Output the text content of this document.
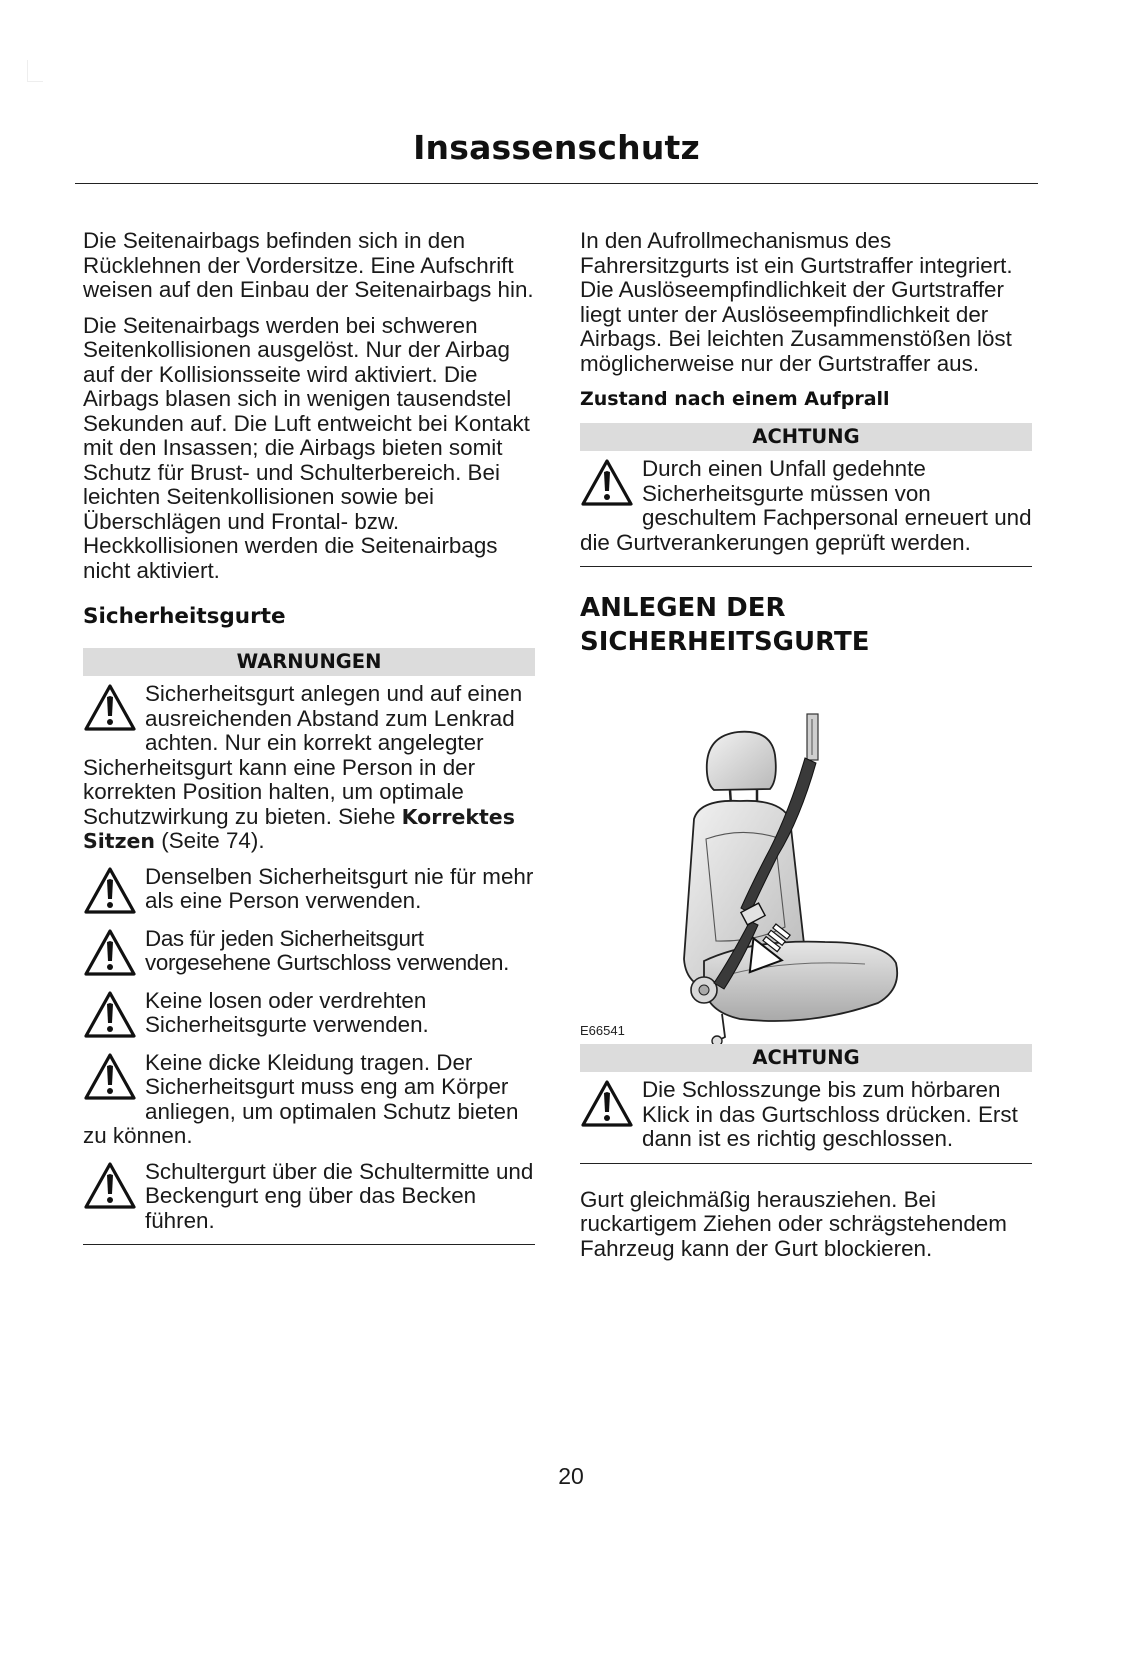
Insassenschutz

Die Seitenairbags befinden sich in den Rücklehnen der Vordersitze. Eine Aufschrift weisen auf den Einbau der Seitenairbags hin.

Die Seitenairbags werden bei schweren Seitenkollisionen ausgelöst. Nur der Airbag auf der Kollisionsseite wird aktiviert. Die Airbags blasen sich in wenigen tausendstel Sekunden auf. Die Luft entweicht bei Kontakt mit den Insassen; die Airbags bieten somit Schutz für Brust- und Schulterbereich. Bei leichten Seitenkollisionen sowie bei Überschlägen und Frontal- bzw. Heckkollisionen werden die Seitenairbags nicht aktiviert.

Sicherheitsgurte
WARNUNGEN

Sicherheitsgurt anlegen und auf einen ausreichenden Abstand zum Lenkrad achten. Nur ein korrekt angelegter Sicherheitsgurt kann eine Person in der korrekten Position halten, um optimale Schutzwirkung zu bieten. Siehe Korrektes Sitzen (Seite 74).

Denselben Sicherheitsgurt nie für mehr als eine Person verwenden.

Das für jeden Sicherheitsgurt vorgesehene Gurtschloss verwenden.

Keine losen oder verdrehten Sicherheitsgurte verwenden.

Keine dicke Kleidung tragen. Der Sicherheitsgurt muss eng am Körper anliegen, um optimalen Schutz bieten zu können.

Schultergurt über die Schultermitte und Beckengurt eng über das Becken führen.

In den Aufrollmechanismus des Fahrersitzgurts ist ein Gurtstraffer integriert. Die Auslöseempfindlichkeit der Gurtstraffer liegt unter der Auslöseempfindlichkeit der Airbags. Bei leichten Zusammenstößen löst möglicherweise nur der Gurtstraffer aus.

Zustand nach einem Aufprall
ACHTUNG

Durch einen Unfall gedehnte Sicherheitsgurte müssen von geschultem Fachpersonal erneuert und die Gurtverankerungen geprüft werden.

ANLEGEN DER
SICHERHEITSGURTE
E66541
ACHTUNG

Die Schlosszunge bis zum hörbaren Klick in das Gurtschloss drücken. Erst dann ist es richtig geschlossen.

Gurt gleichmäßig herausziehen. Bei ruckartigem Ziehen oder schrägstehendem Fahrzeug kann der Gurt blockieren.

20
